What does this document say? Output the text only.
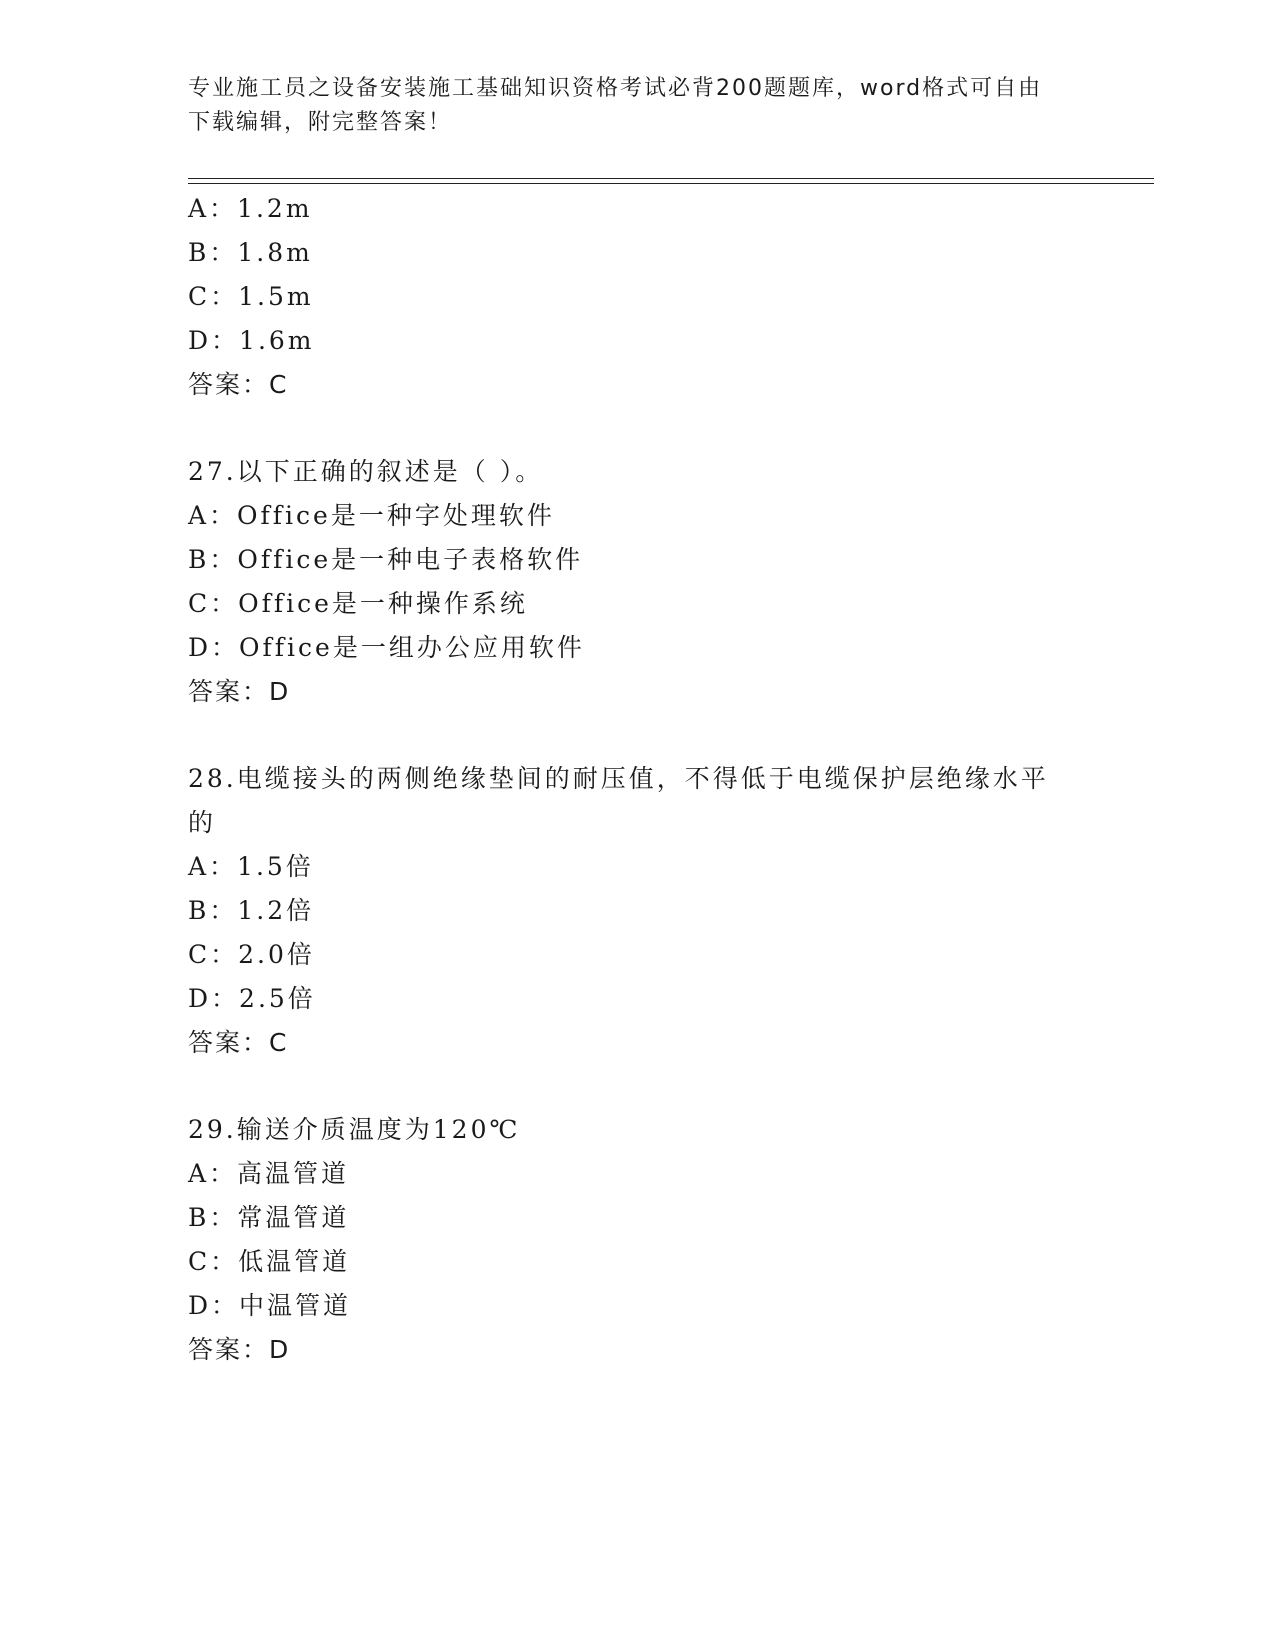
专业施工员之设备安装施工基础知识资格考试必背200题题库，word格式可自由
下载编辑，附完整答案！
A：1.2m
B：1.8m
C：1.5m
D：1.6m
答案：C
27.以下正确的叙述是（ ）。
A：Office是一种字处理软件
B：Office是一种电子表格软件
C：Office是一种操作系统
D：Office是一组办公应用软件
答案：D
28.电缆接头的两侧绝缘垫间的耐压值，不得低于电缆保护层绝缘水平
的
A：1.5倍
B：1.2倍
C：2.0倍
D：2.5倍
答案：C
29.输送介质温度为120℃
A：高温管道
B：常温管道
C：低温管道
D：中温管道
答案：D
